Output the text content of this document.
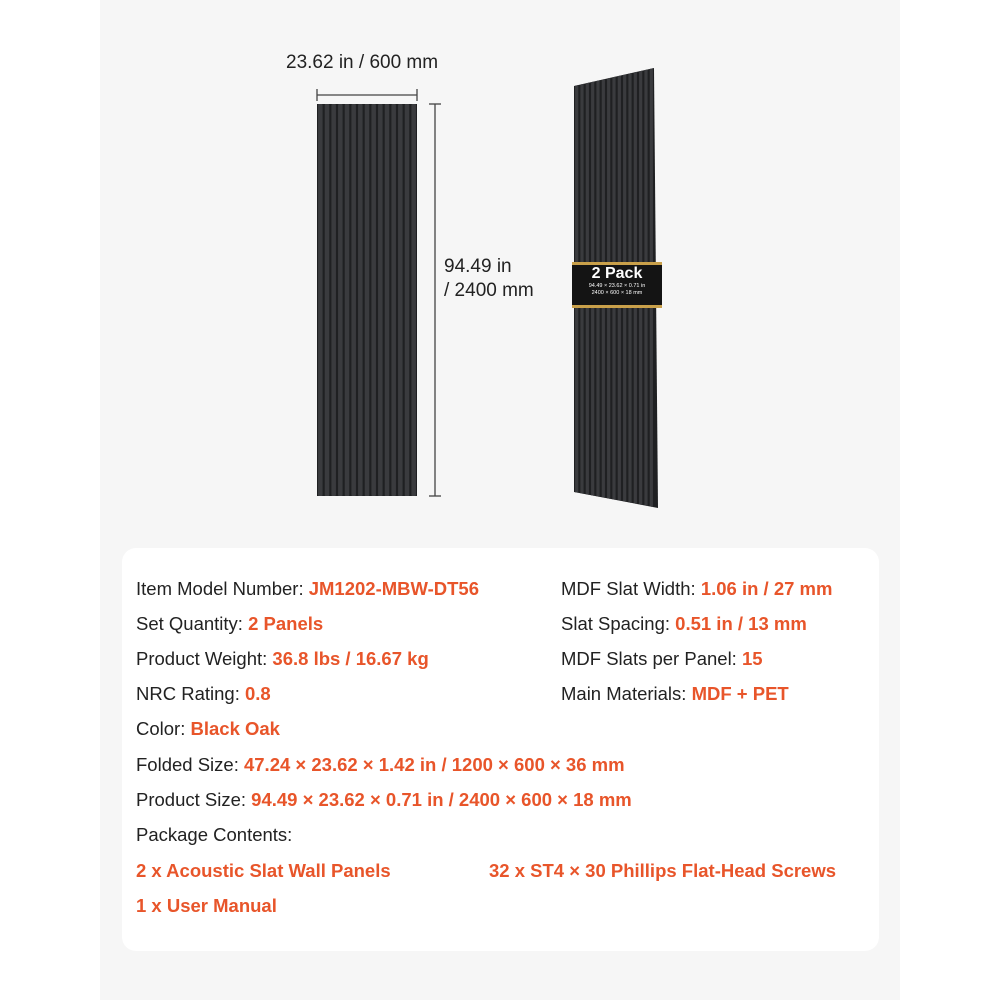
23.62 in / 600 mm
94.49 in
/ 2400 mm
2 Pack
94.49 × 23.62 × 0.71 in
2400 × 600 × 18 mm
Item Model Number: JM1202-MBW-DT56
Set Quantity: 2 Panels
Product Weight: 36.8 lbs / 16.67 kg
NRC Rating: 0.8
Color: Black Oak
Folded Size: 47.24 × 23.62 × 1.42 in / 1200 × 600 × 36 mm
Product Size: 94.49 × 23.62 × 0.71 in / 2400 × 600 × 18 mm
MDF Slat Width: 1.06 in / 27 mm
Slat Spacing: 0.51 in / 13 mm
MDF Slats per Panel: 15
Main Materials: MDF + PET
Package Contents:
2 x Acoustic Slat Wall Panels	32 x ST4 × 30 Phillips Flat-Head Screws
1 x User Manual
